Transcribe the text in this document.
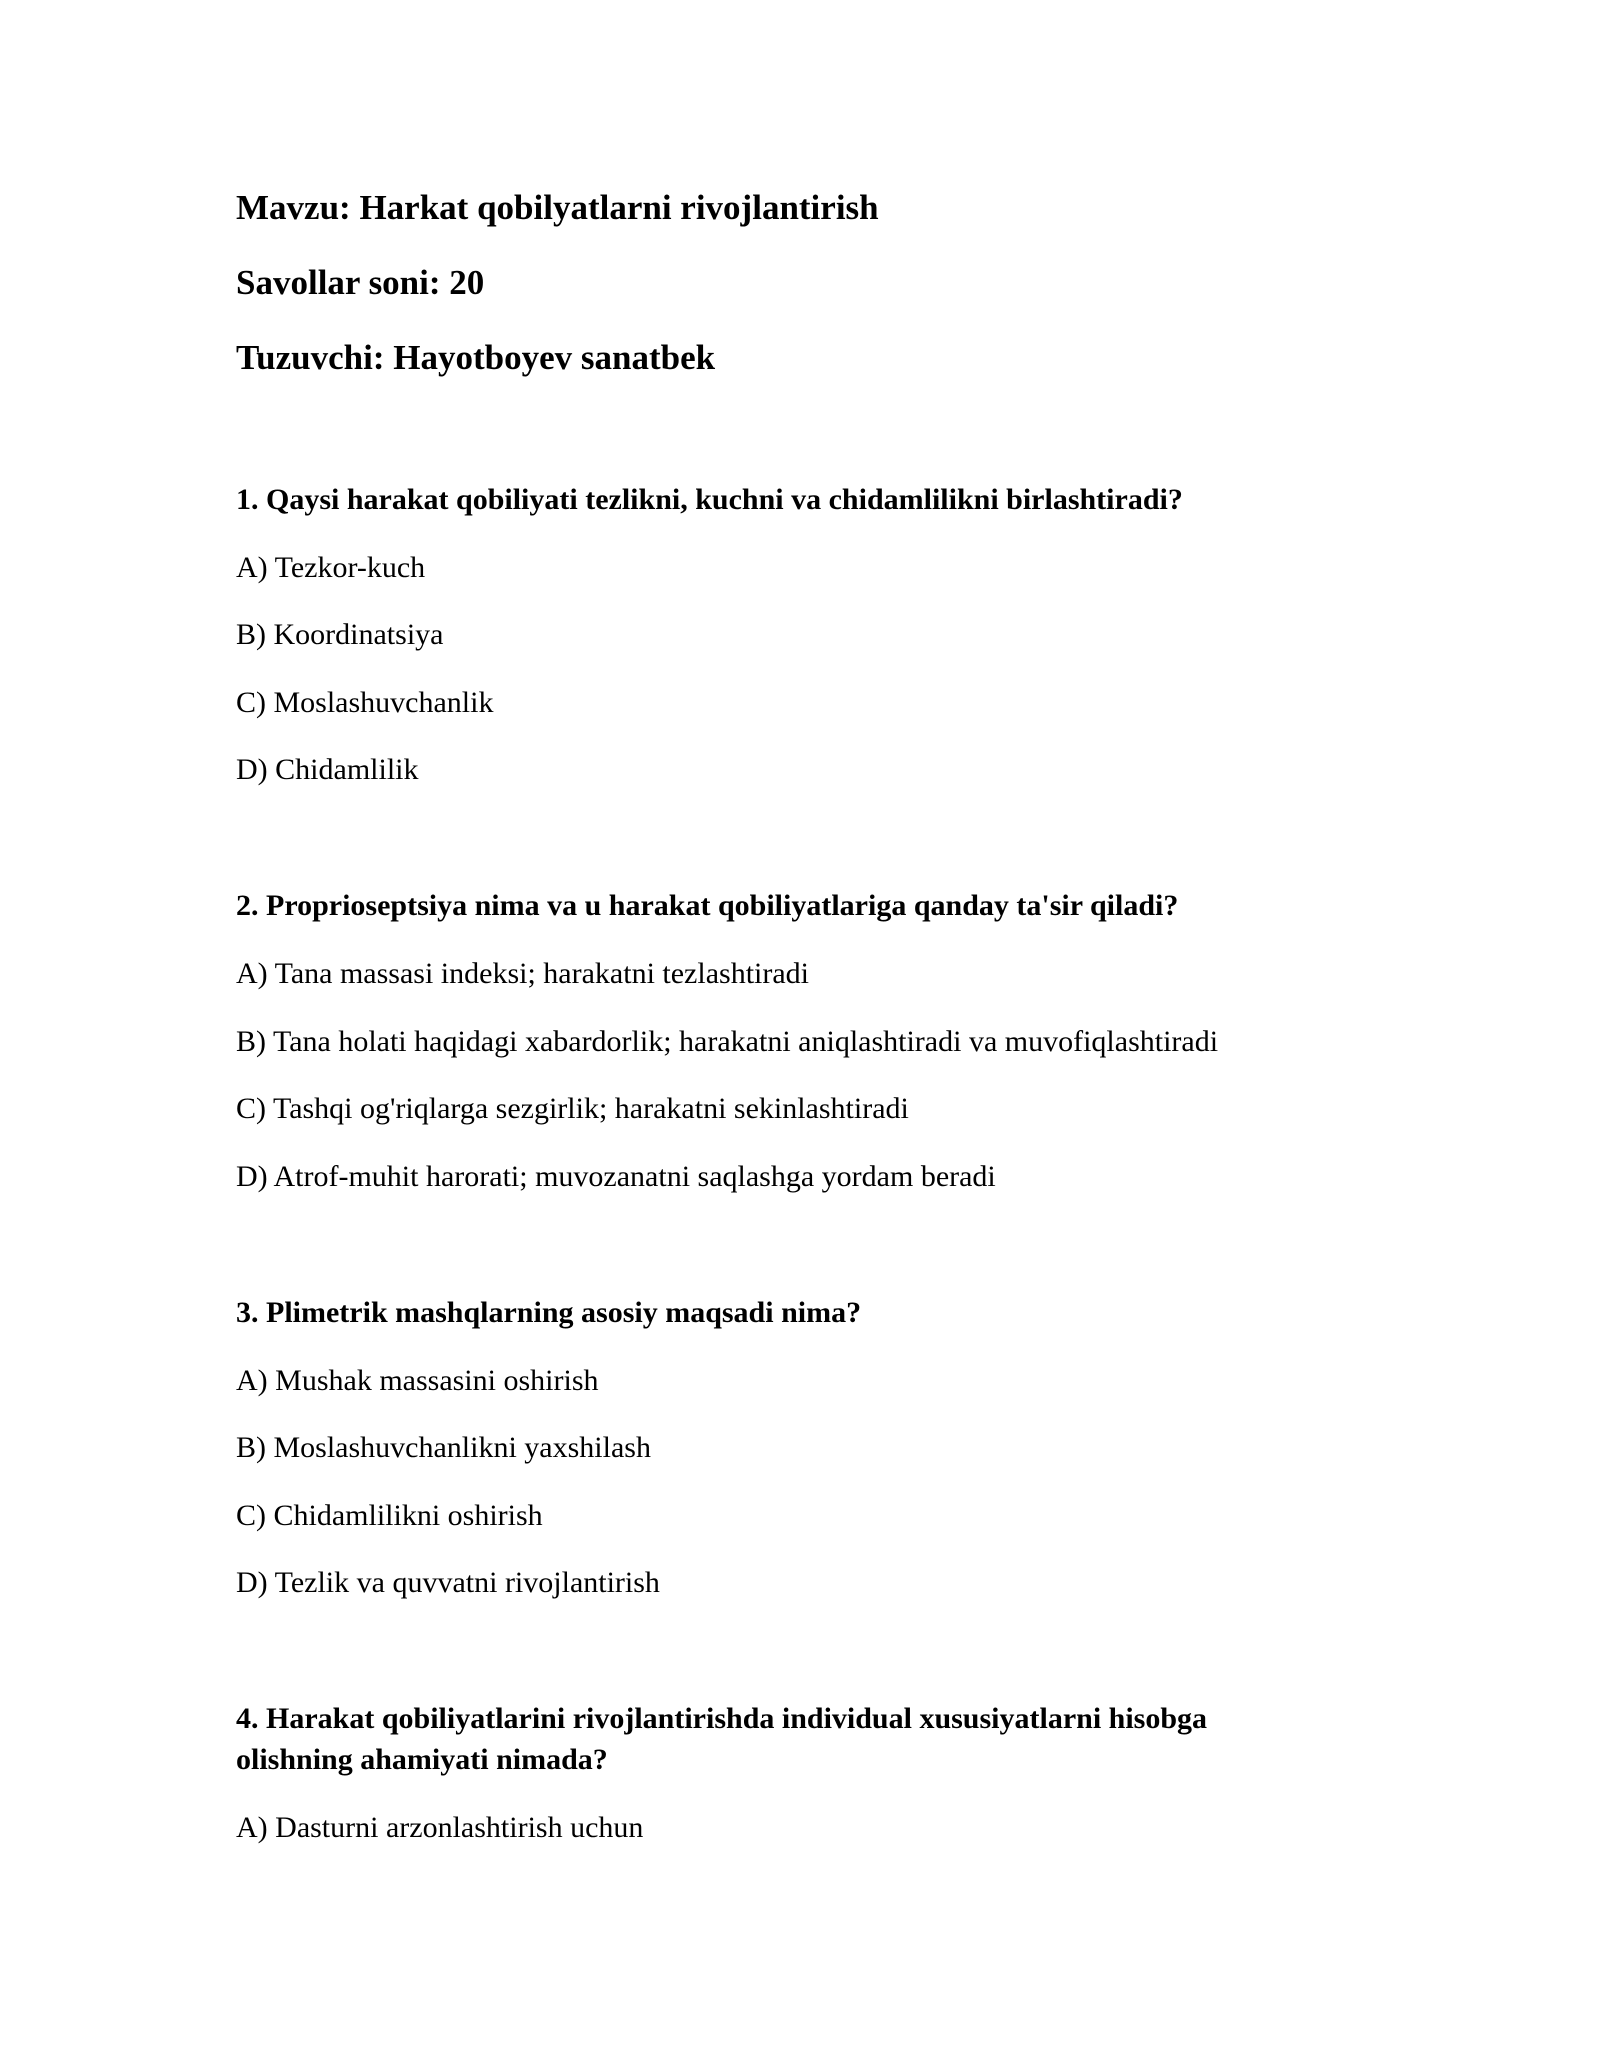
Mavzu: Harkat qobilyatlarni rivojlantirish
Savollar soni: 20
Tuzuvchi: Hayotboyev sanatbek

1. Qaysi harakat qobiliyati tezlikni, kuchni va chidamlilikni birlashtiradi?

A) Tezkor-kuch

B) Koordinatsiya

C) Moslashuvchanlik

D) Chidamlilik

2. Proprioseptsiya nima va u harakat qobiliyatlariga qanday ta'sir qiladi?

A) Tana massasi indeksi; harakatni tezlashtiradi

B) Tana holati haqidagi xabardorlik; harakatni aniqlashtiradi va muvofiqlashtiradi

C) Tashqi og'riqlarga sezgirlik; harakatni sekinlashtiradi

D) Atrof-muhit harorati; muvozanatni saqlashga yordam beradi

3. Plimetrik mashqlarning asosiy maqsadi nima?

A) Mushak massasini oshirish

B) Moslashuvchanlikni yaxshilash

C) Chidamlilikni oshirish

D) Tezlik va quvvatni rivojlantirish

4. Harakat qobiliyatlarini rivojlantirishda individual xususiyatlarni hisobga olishning ahamiyati nimada?

A) Dasturni arzonlashtirish uchun
